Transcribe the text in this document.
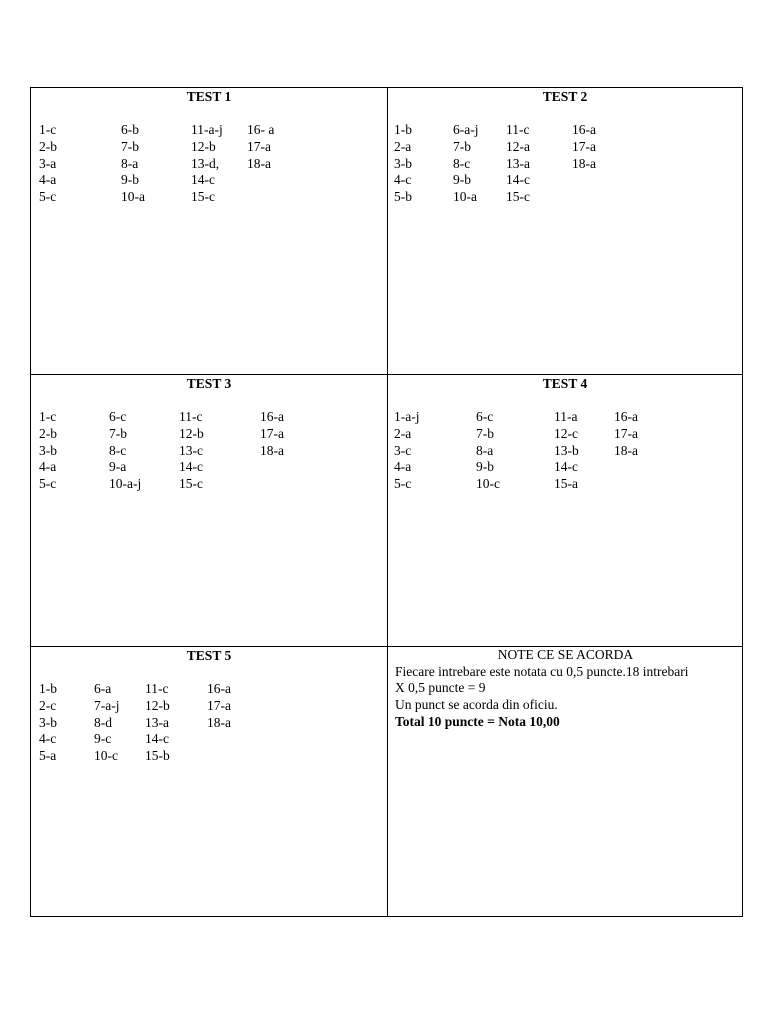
TEST 1
1-c	6-b	11-a-j 16- a
2-b	7-b	12-b 17-a
3-a	8-a	13-d, 18-a
4-a	9-b	14-c
5-c	10-a	15-c
TEST 2
1-b	6-a-j 11-c	16-a
2-a	7-b	12-a	17-a
3-b	8-c	13-a	18-a
4-c	9-b	14-c
5-b	10-a 15-c
TEST 3
1-c	6-c	11-c	16-a
2-b	7-b	12-b	17-a
3-b	8-c	13-c	18-a
4-a	9-a	14-c
5-c	10-a-j	15-c
TEST 4
1-a-j	6-c	11-a	16-a
2-a	7-b	12-c	17-a
3-c	8-a	13-b	18-a
4-a	9-b	14-c
5-c	10-c	15-a
TEST 5
1-b	6-a	11-c	16-a
2-c	7-a-j 12-b	17-a
3-b	8-d 13-a	18-a
4-c	9-c	14-c
5-a	10-c 15-b
NOTE CE SE ACORDA
Fiecare intrebare este notata cu 0,5 puncte.18 intrebari
X 0,5 puncte = 9
Un punct se acorda din oficiu.
Total 10 puncte = Nota 10,00
